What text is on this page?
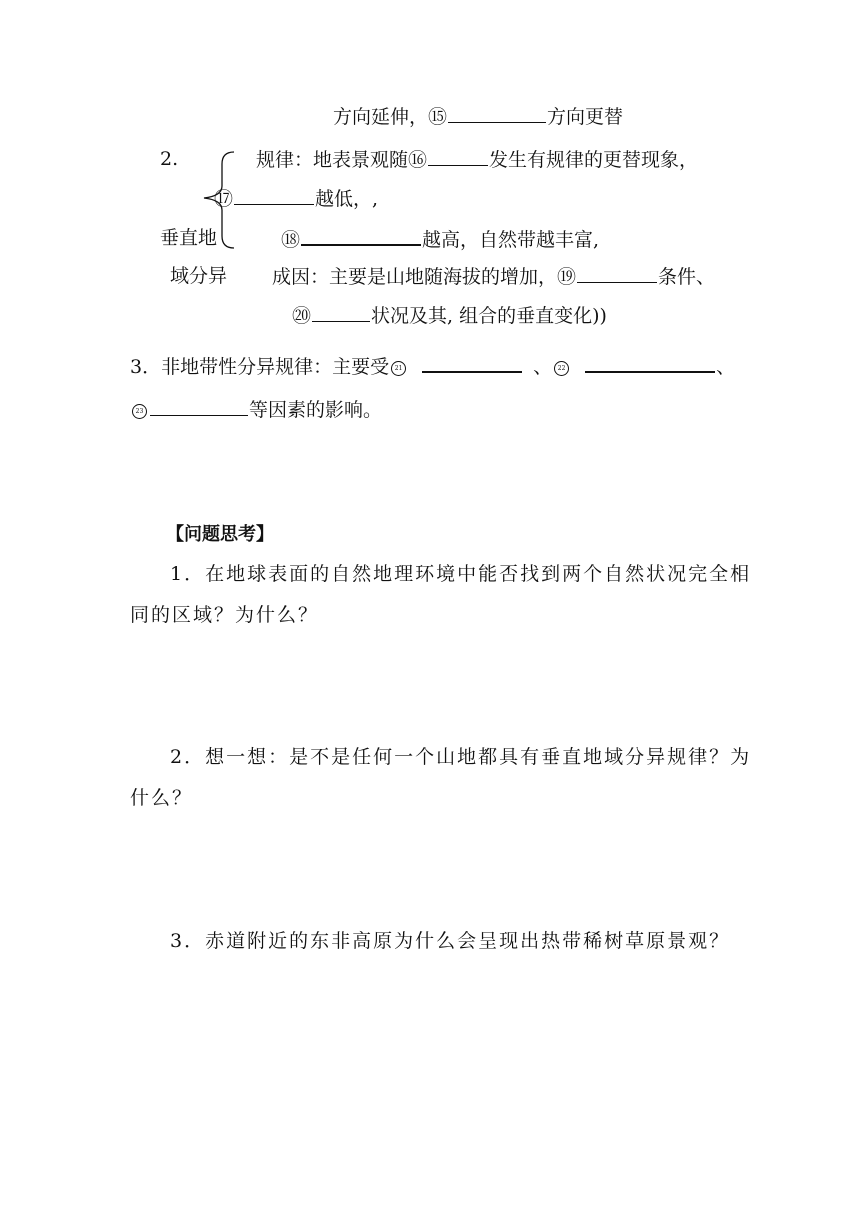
方向延伸，⑮	方向更替
2.	规律：地表景观随⑯	发生有规律的更替现象，
⑰	越低，,
垂直地	⑱	越高，自然带越丰富,
域分异 成因：主要是山地随海拔的增加，⑲	条件、
⑳	状况及其, 组合的垂直变化))
3．非地带性分异规律：主要受 21	、 22	、
23	等因素的影响。
【问题思考】
1．在地球表面的自然地理环境中能否找到两个自然状况完全相
同的区域？为什么？
2．想一想：是不是任何一个山地都具有垂直地域分异规律？为
什么？
3．赤道附近的东非高原为什么会呈现出热带稀树草原景观？
